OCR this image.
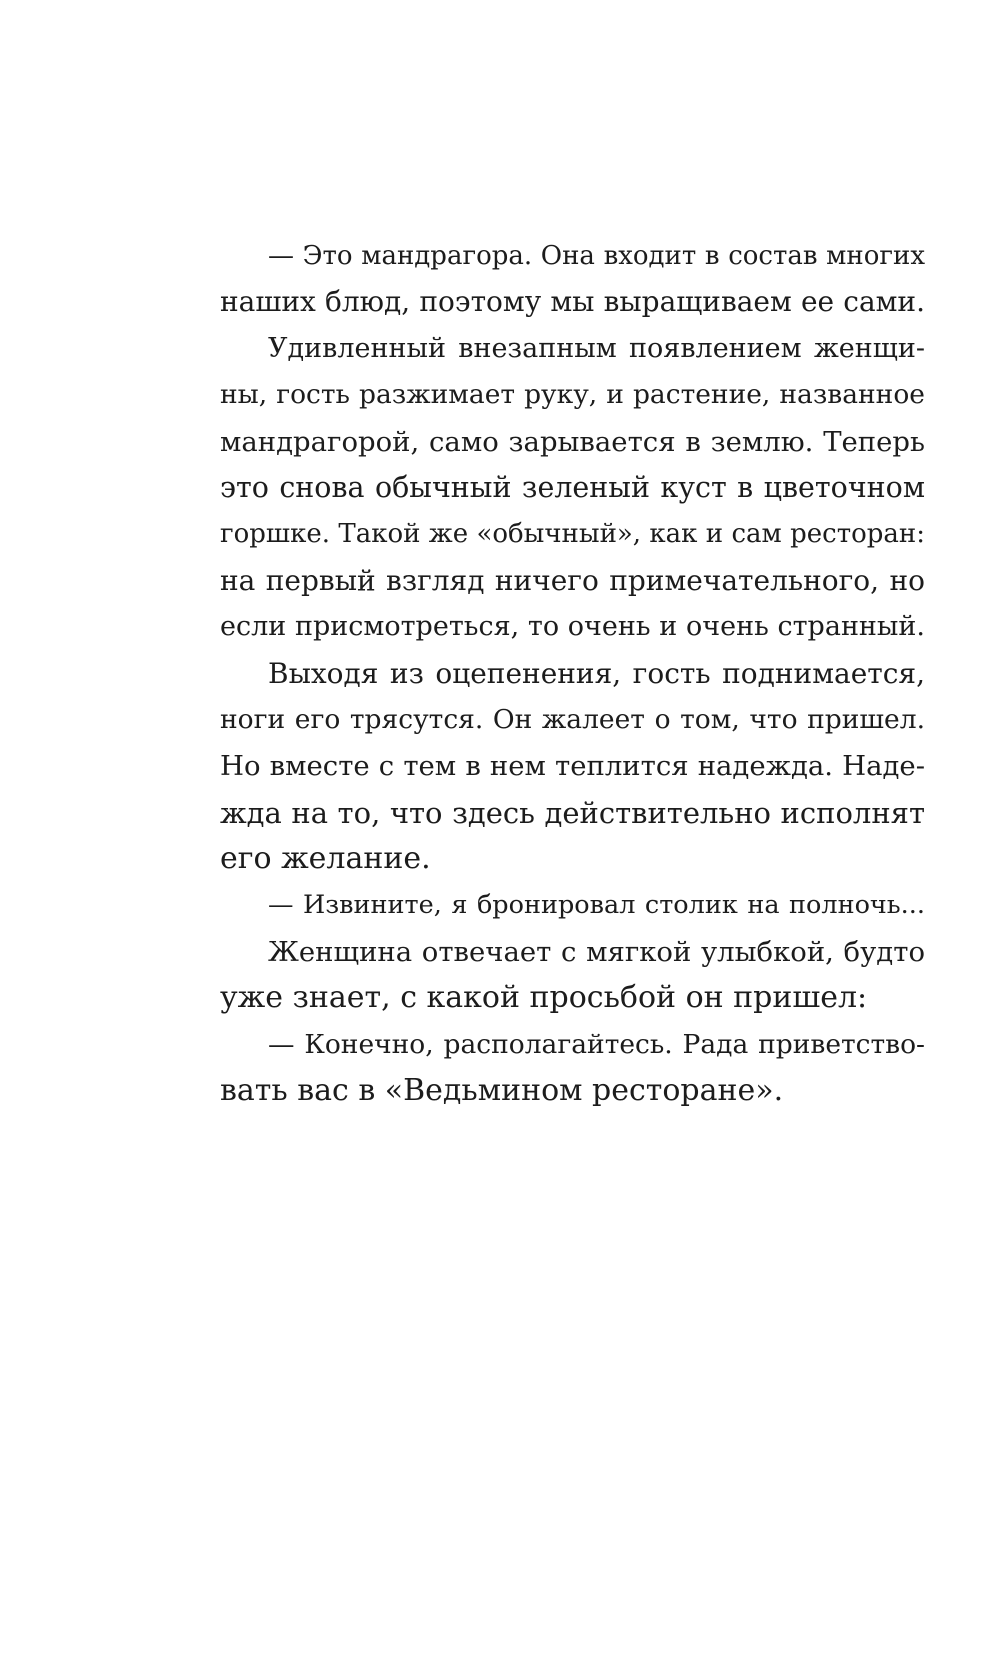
— Это мандрагора. Она входит в состав многих
наших блюд, поэтому мы выращиваем ее сами.
Удивленный внезапным появлением женщи-
ны, гость разжимает руку, и растение, названное
мандрагорой, само зарывается в землю. Теперь
это снова обычный зеленый куст в цветочном
горшке. Такой же «обычный», как и сам ресторан:
на первый взгляд ничего примечательного, но
если присмотреться, то очень и очень странный.
Выходя из оцепенения, гость поднимается,
ноги его трясутся. Он жалеет о том, что пришел.
Но вместе с тем в нем теплится надежда. Наде-
жда на то, что здесь действительно исполнят
его желание.
— Извините, я бронировал столик на полночь...
Женщина отвечает с мягкой улыбкой, будто
уже знает, с какой просьбой он пришел:
— Конечно, располагайтесь. Рада приветство-
вать вас в «Ведьмином ресторане».
